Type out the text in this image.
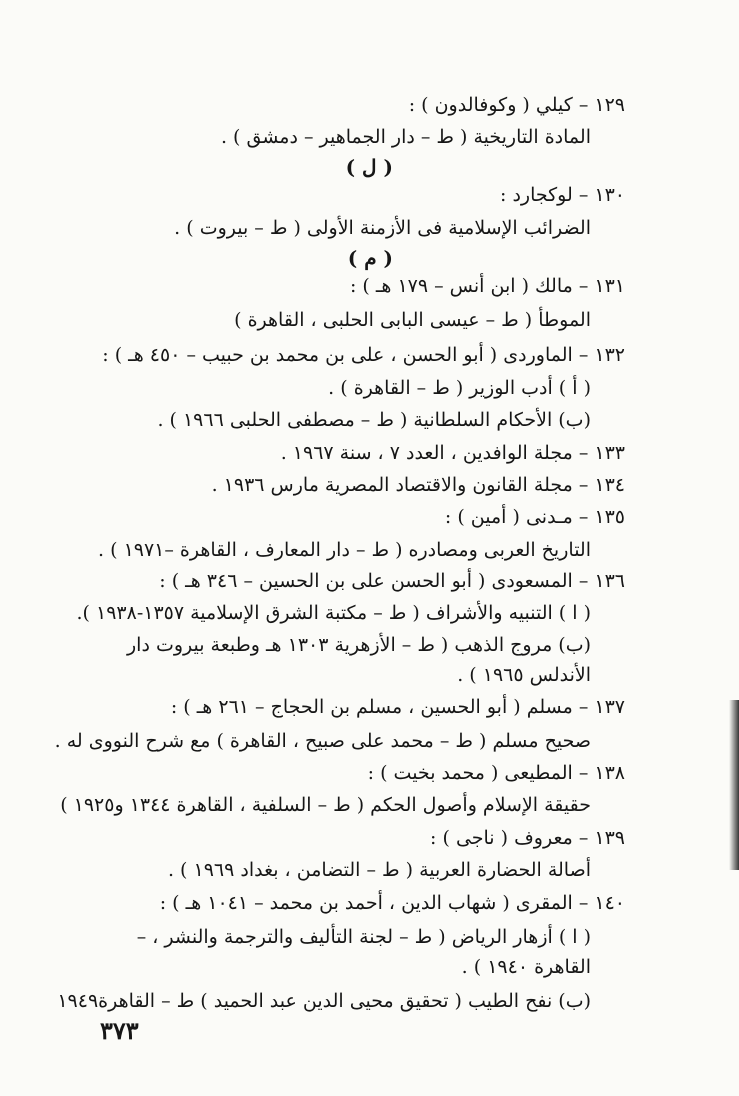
١٢٩ – كيلي ( وكوفالدون ) :
المادة التاريخية ( ط – دار الجماهير – دمشق ) .
( ل )
١٣٠ – لوكجارد :
الضرائب الإسلامية فى الأزمنة الأولى ( ط – بيروت ) .
( م )
١٣١ – مالك ( ابن أنس – ١٧٩ هـ ) :
الموطأ ( ط – عيسى البابى الحلبى ، القاهرة )
١٣٢ – الماوردى ( أبو الحسن ، على بن محمد بن حبيب – ٤٥٠ هـ ) :
( أ ) أدب الوزير ( ط – القاهرة ) .
(ب) الأحكام السلطانية ( ط – مصطفى الحلبى ١٩٦٦ ) .
١٣٣ – مجلة الوافدين ، العدد ٧ ، سنة ١٩٦٧ .
١٣٤ – مجلة القانون والاقتصاد المصرية مارس ١٩٣٦ .
١٣٥ – مـدنى ( أمين ) :
التاريخ العربى ومصادره ( ط – دار المعارف ، القاهرة –١٩٧١ ) .
١٣٦ – المسعودى ( أبو الحسن على بن الحسين – ٣٤٦ هـ ) :
( ا ) التنبيه والأشراف ( ط – مكتبة الشرق الإسلامية ١٣٥٧-١٩٣٨ ).
(ب) مروج الذهب ( ط – الأزهرية ١٣٠٣ هـ وطبعة بيروت دار الأندلس ١٩٦٥ ) .
١٣٧ – مسلم ( أبو الحسين ، مسلم بن الحجاج – ٢٦١ هـ ) :
صحيح مسلم ( ط – محمد على صبيح ، القاهرة ) مع شرح النووى له .
١٣٨ – المطيعى ( محمد بخيت ) :
حقيقة الإسلام وأصول الحكم ( ط – السلفية ، القاهرة ١٣٤٤ و١٩٢٥ )
١٣٩ – معروف ( ناجى ) :
أصالة الحضارة العربية ( ط – التضامن ، بغداد ١٩٦٩ ) .
١٤٠ – المقرى ( شهاب الدين ، أحمد بن محمد – ١٠٤١ هـ ) :
( ا ) أزهار الرياض ( ط – لجنة التأليف والترجمة والنشر ، – القاهرة ١٩٤٠ ) .
(ب) نفح الطيب ( تحقيق محيى الدين عبد الحميد ) ط – القاهرة١٩٤٩
٣٧٣
